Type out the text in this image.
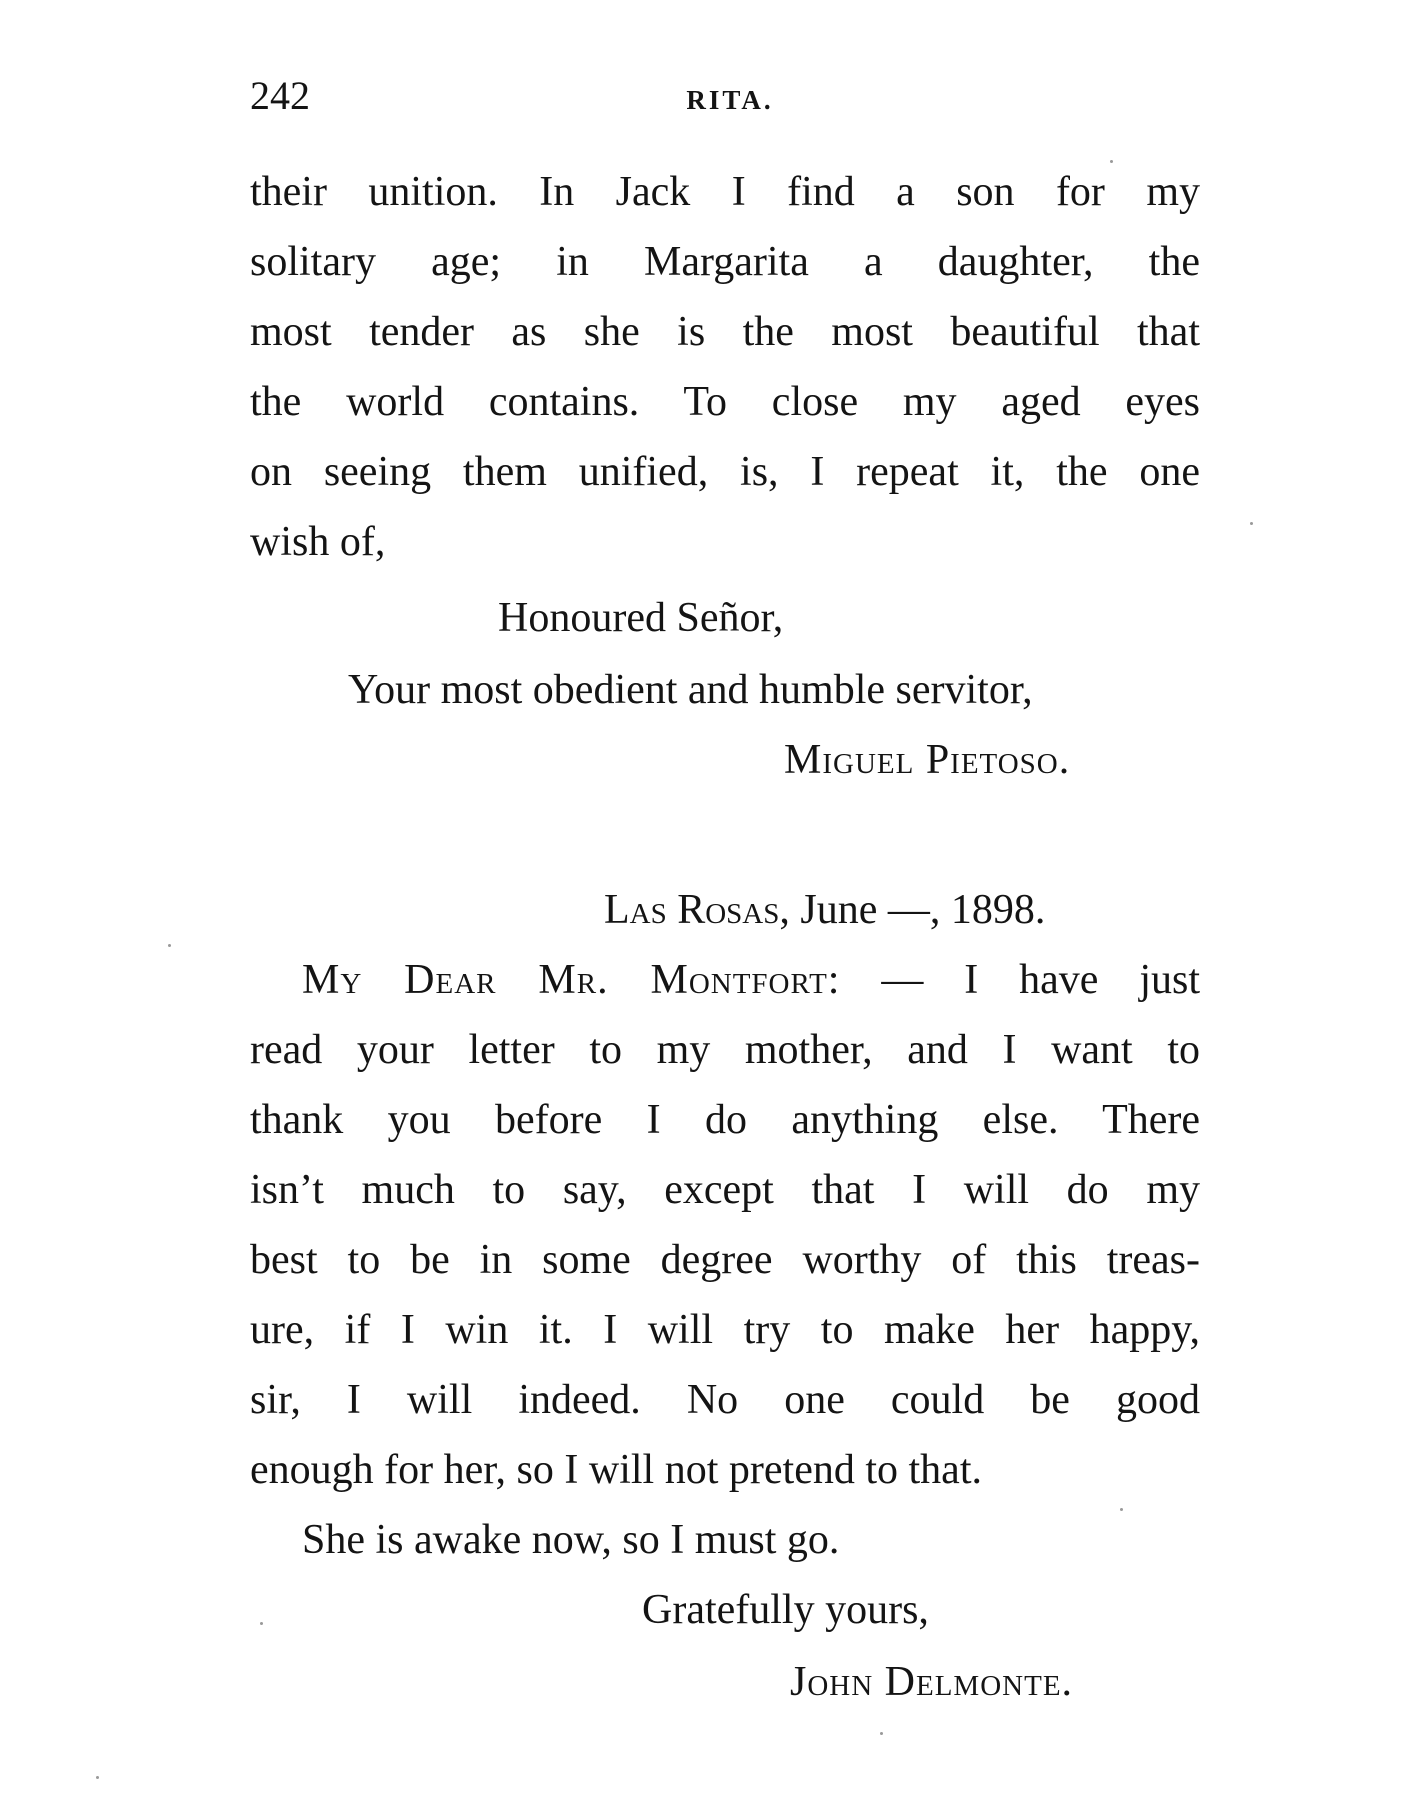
242	RITA.
their unition. In Jack I find a son for my
solitary age; in Margarita a daughter, the
most tender as she is the most beautiful that
the world contains. To close my aged eyes
on seeing them unified, is, I repeat it, the one
wish of,
Honoured Señor,
Your most obedient and humble servitor,
Miguel Pietoso.
Las Rosas, June —, 1898.
My Dear Mr. Montfort: — I have just
read your letter to my mother, and I want to
thank you before I do anything else. There
isn’t much to say, except that I will do my
best to be in some degree worthy of this treas-
ure, if I win it. I will try to make her happy,
sir, I will indeed. No one could be good
enough for her, so I will not pretend to that.
She is awake now, so I must go.
Gratefully yours,
John Delmonte.
